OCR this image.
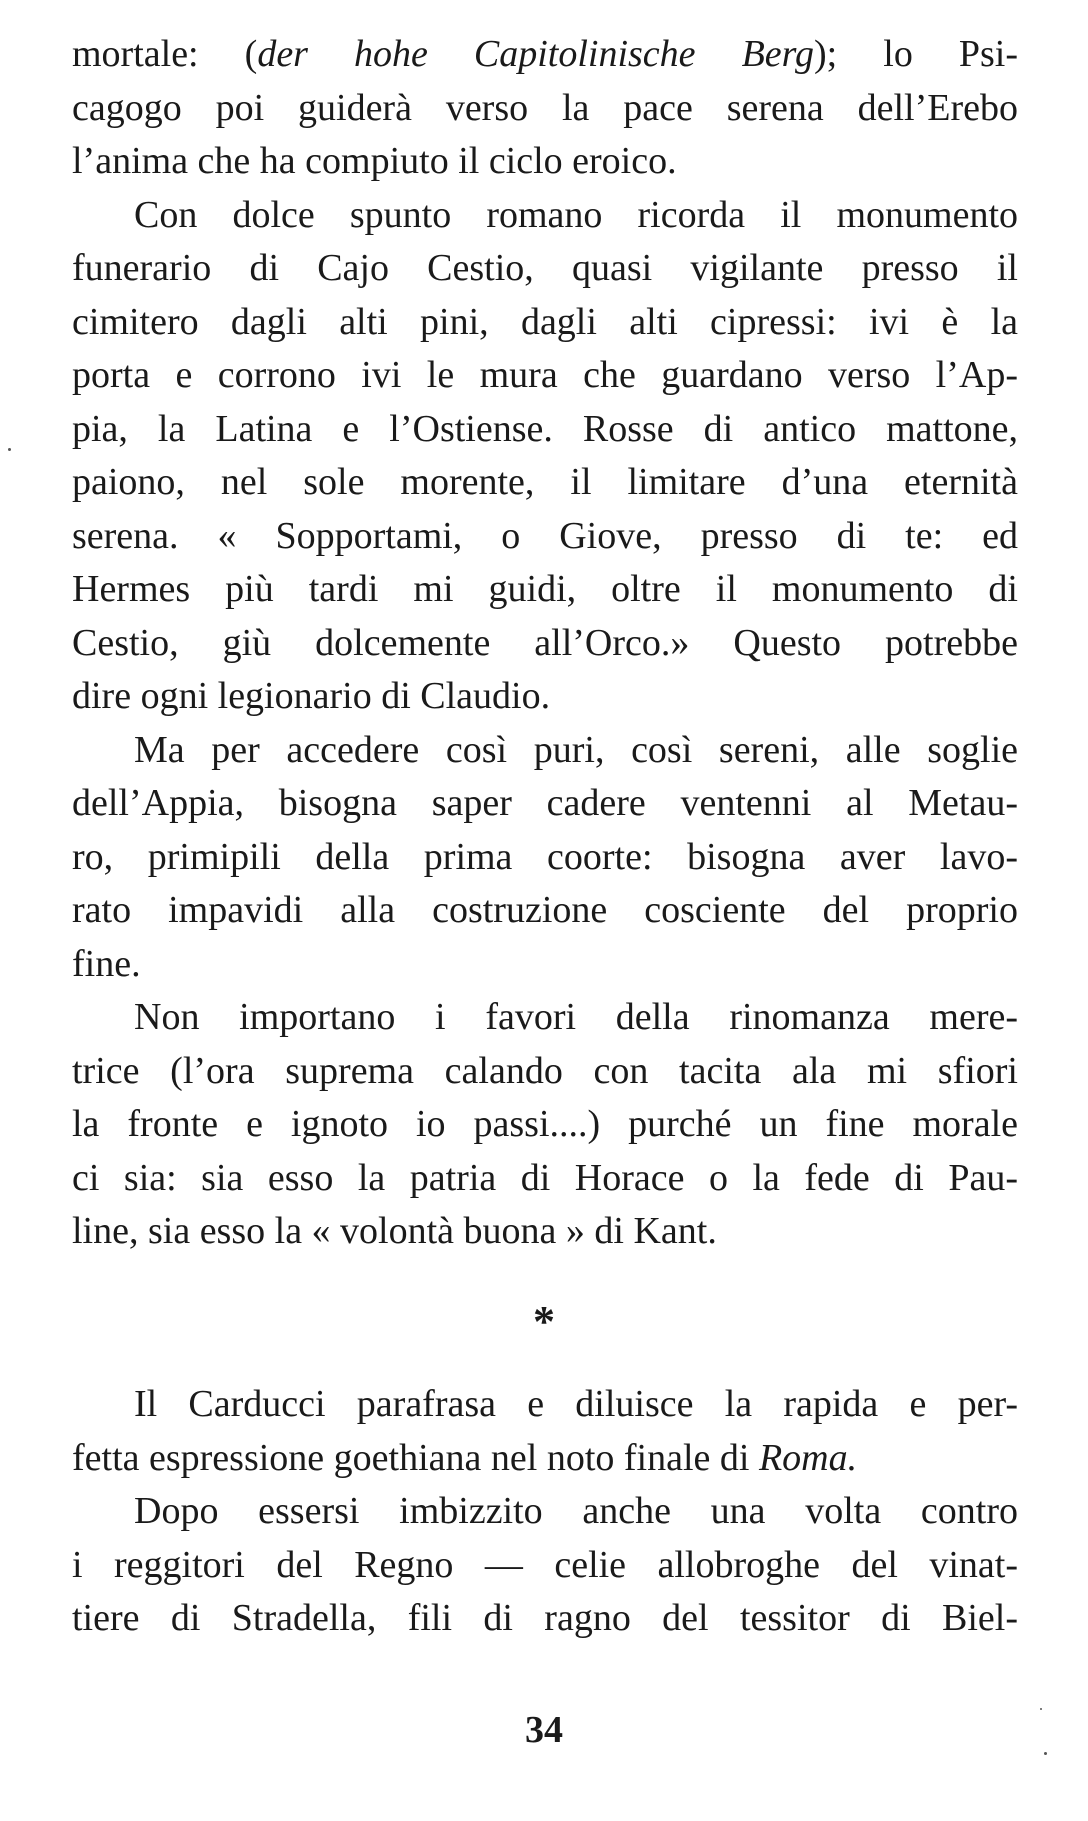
mortale: (der hohe Capitolinische Berg); lo Psi-
cagogo poi guiderà verso la pace serena dell’Erebo
l’anima che ha compiuto il ciclo eroico.
Con dolce spunto romano ricorda il monumento
funerario di Cajo Cestio, quasi vigilante presso il
cimitero dagli alti pini, dagli alti cipressi: ivi è la
porta e corrono ivi le mura che guardano verso l’Ap-
pia, la Latina e l’Ostiense. Rosse di antico mattone,
paiono, nel sole morente, il limitare d’una eternità
serena. « Sopportami, o Giove, presso di te: ed
Hermes più tardi mi guidi, oltre il monumento di
Cestio, giù dolcemente all’Orco.» Questo potrebbe
dire ogni legionario di Claudio.
Ma per accedere così puri, così sereni, alle soglie
dell’Appia, bisogna saper cadere ventenni al Metau-
ro, primipili della prima coorte: bisogna aver lavo-
rato impavidi alla costruzione cosciente del proprio
fine.
Non importano i favori della rinomanza mere-
trice (l’ora suprema calando con tacita ala mi sfiori
la fronte e ignoto io passi....) purché un fine morale
ci sia: sia esso la patria di Horace o la fede di Pau-
line, sia esso la « volontà buona » di Kant.
*
Il Carducci parafrasa e diluisce la rapida e per-
fetta espressione goethiana nel noto finale di Roma.
Dopo essersi imbizzito anche una volta contro
i reggitori del Regno — celie allobroghe del vinat-
tiere di Stradella, fili di ragno del tessitor di Biel-
34
